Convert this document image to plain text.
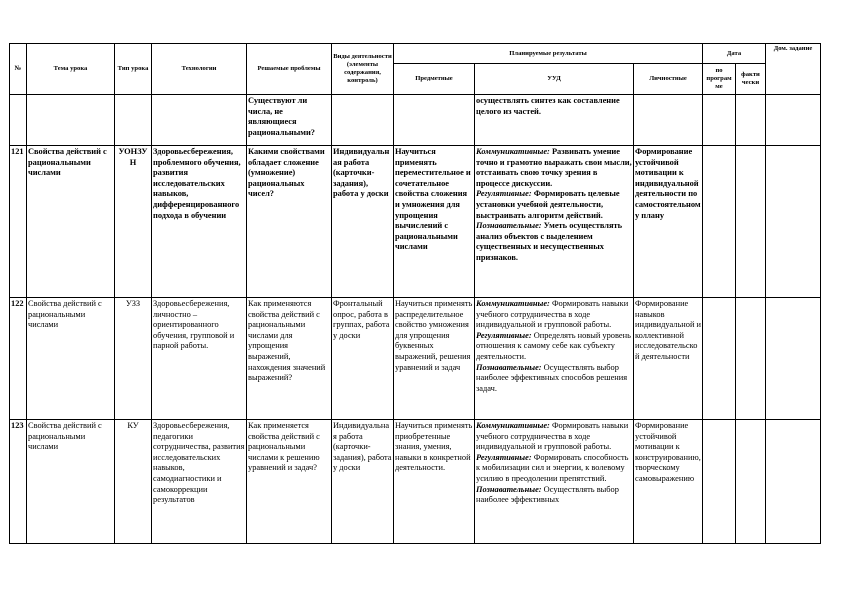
№	Тема урока	Тип урока	Технологии	Решаемые проблемы	Виды деятельности (элементы содержания, контроль)	Планируемые результаты			Дата		Дом. задание
						Предметные	УУД	Личностные	по програм ме	факти чески	
				Существуют ли числа, не являющиеся рациональными?			осуществлять синтез как составление целого из частей.				
121	Свойства действий с рациональными числами	УОНЗУ Н	Здоровьесбережения, проблемного обучения, развития исследовательских навыков, дифференцированного подхода в обучении	Какими свойствами обладает сложение (умножение) рациональных чисел?	Индивидуальная работа (карточки-задания), работа у доски	Научиться применять переместительное и сочетательное свойства сложения и умножения для упрощения вычислений с рациональными числами	Коммуникативные: Развивать умение точно и грамотно выражать свои мысли, отстаивать свою точку зрения в процессе дискуссии.
Регулятивные: Формировать целевые установки учебной деятельности, выстраивать алгоритм действий.
Познавательные: Уметь осуществлять анализ объектов с выделением существенных и несущественных признаков.	Формирование устойчивой мотивации к индивидуальной деятельности по самостоятельному плану			
122	Свойства действий с рациональными числами	УЗЗ	Здоровьесбережения, личностно – ориентированного обучения, групповой и парной работы.	Как применяются свойства действий с рациональными числами для упрощения выражений, нахождения значений выражений?	Фронтальный опрос, работа в группах, работа у доски	Научиться применять распределительное свойство умножения для упрощения буквенных выражений, решения уравнений и задач	Коммуникативные: Формировать навыки учебного сотрудничества в ходе индивидуальной и групповой работы.
Регулятивные: Определять новый уровень отношения к самому себе как субъекту деятельности.
Познавательные: Осуществлять выбор наиболее эффективных способов решения задач.	Формирование навыков индивидуальной и коллективной исследовательской деятельности			
123	Свойства действий с рациональными числами	КУ	Здоровьесбережения, педагогики сотрудничества, развития исследовательских навыков, самодиагностики и самокоррекции результатов	Как применяется свойства действий с рациональными числами к решению уравнений и задач?	Индивидуальная работа (карточки-задания), работа у доски	Научиться применять приобретенные знания, умения, навыки в конкретной деятельности.	Коммуникативные: Формировать навыки учебного сотрудничества в ходе индивидуальной и групповой работы.
Регулятивные: Формировать способность к мобилизации сил и энергии, к волевому усилию в преодолении препятствий.
Познавательные: Осуществлять выбор наиболее эффективных	Формирование устойчивой мотивации к конструированию, творческому самовыражению			
